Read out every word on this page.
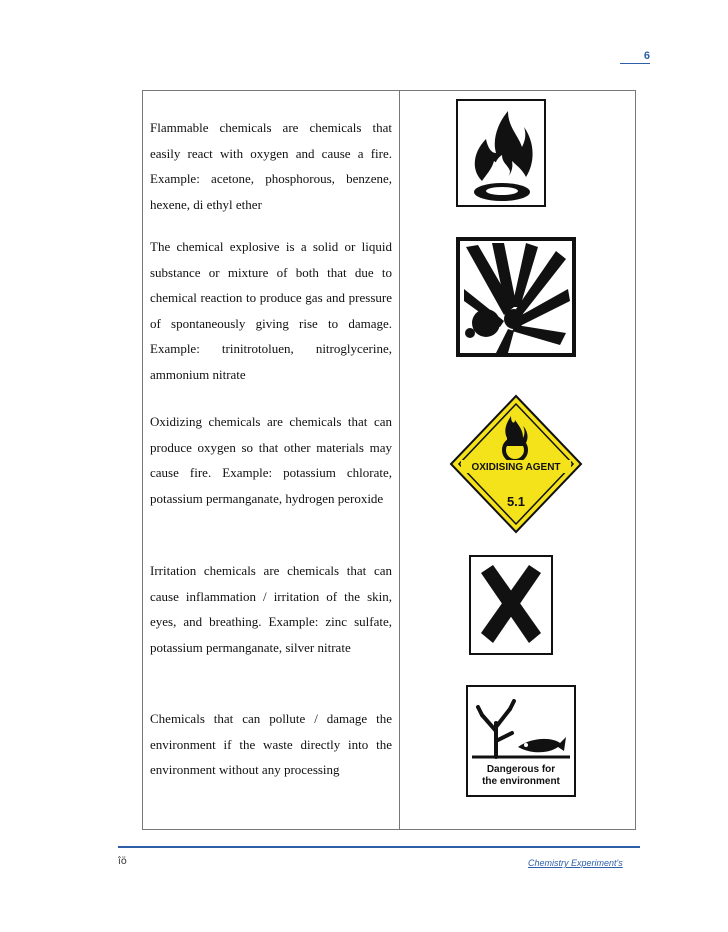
6
Flammable chemicals are chemicals that easily react with oxygen and cause a fire. Example: acetone, phosphorous, benzene, hexene, di ethyl ether
The chemical explosive is a solid or liquid substance or mixture of both that due to chemical reaction to produce gas and pressure of spontaneously giving rise to damage. Example: trinitrotoluen, nitroglycerine, ammonium nitrate
Oxidizing chemicals are chemicals that can produce oxygen so that other materials may cause fire. Example: potassium chlorate, potassium permanganate, hydrogen peroxide
OXIDISING AGENT
5.1
Irritation chemicals are chemicals that can cause inflammation / irritation of the skin, eyes, and breathing. Example: zinc sulfate, potassium permanganate, silver nitrate
Chemicals that can pollute / damage the environment if the waste directly into the environment without any processing	Dangerous for
the environment
îö	Chemistry Experiment's
